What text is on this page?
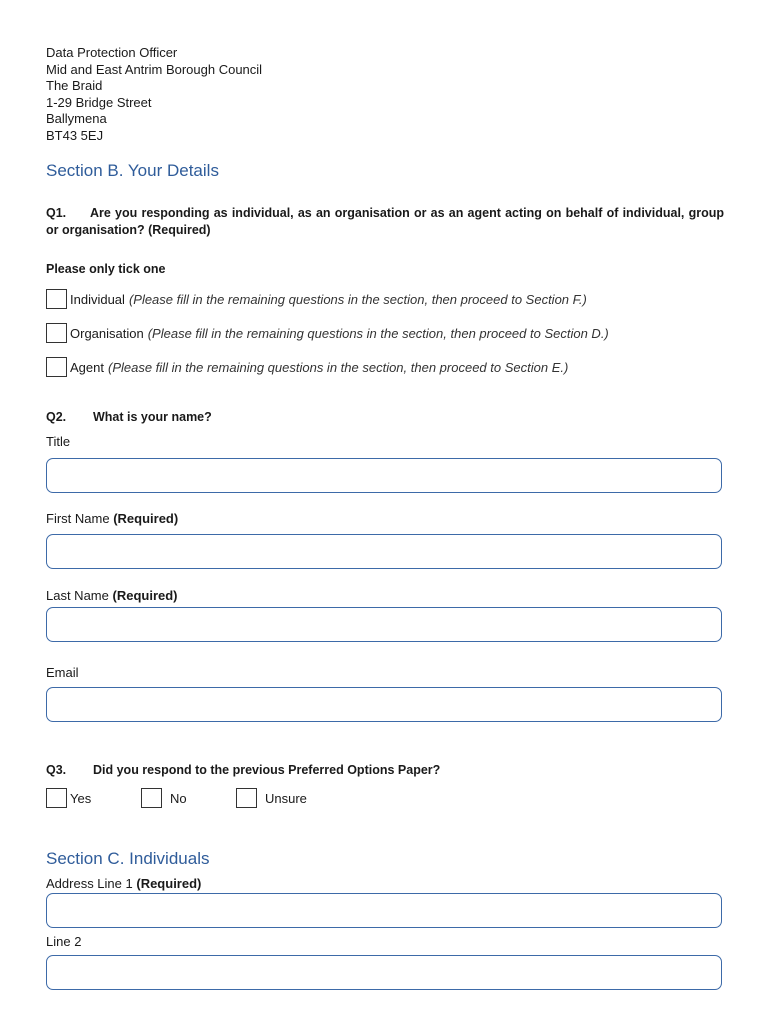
Data Protection Officer
Mid and East Antrim Borough Council
The Braid
1-29 Bridge Street
Ballymena
BT43 5EJ
Section B. Your Details
Q1. Are you responding as individual, as an organisation or as an agent acting on behalf of individual, group or organisation? (Required)
Please only tick one
Individual (Please fill in the remaining questions in the section, then proceed to Section F.)
Organisation (Please fill in the remaining questions in the section, then proceed to Section D.)
Agent (Please fill in the remaining questions in the section, then proceed to Section E.)
Q2. What is your name?
Title
First Name (Required)
Last Name (Required)
Email
Q3. Did you respond to the previous Preferred Options Paper?
Yes	No	Unsure
Section C. Individuals
Address Line 1 (Required)
Line 2
